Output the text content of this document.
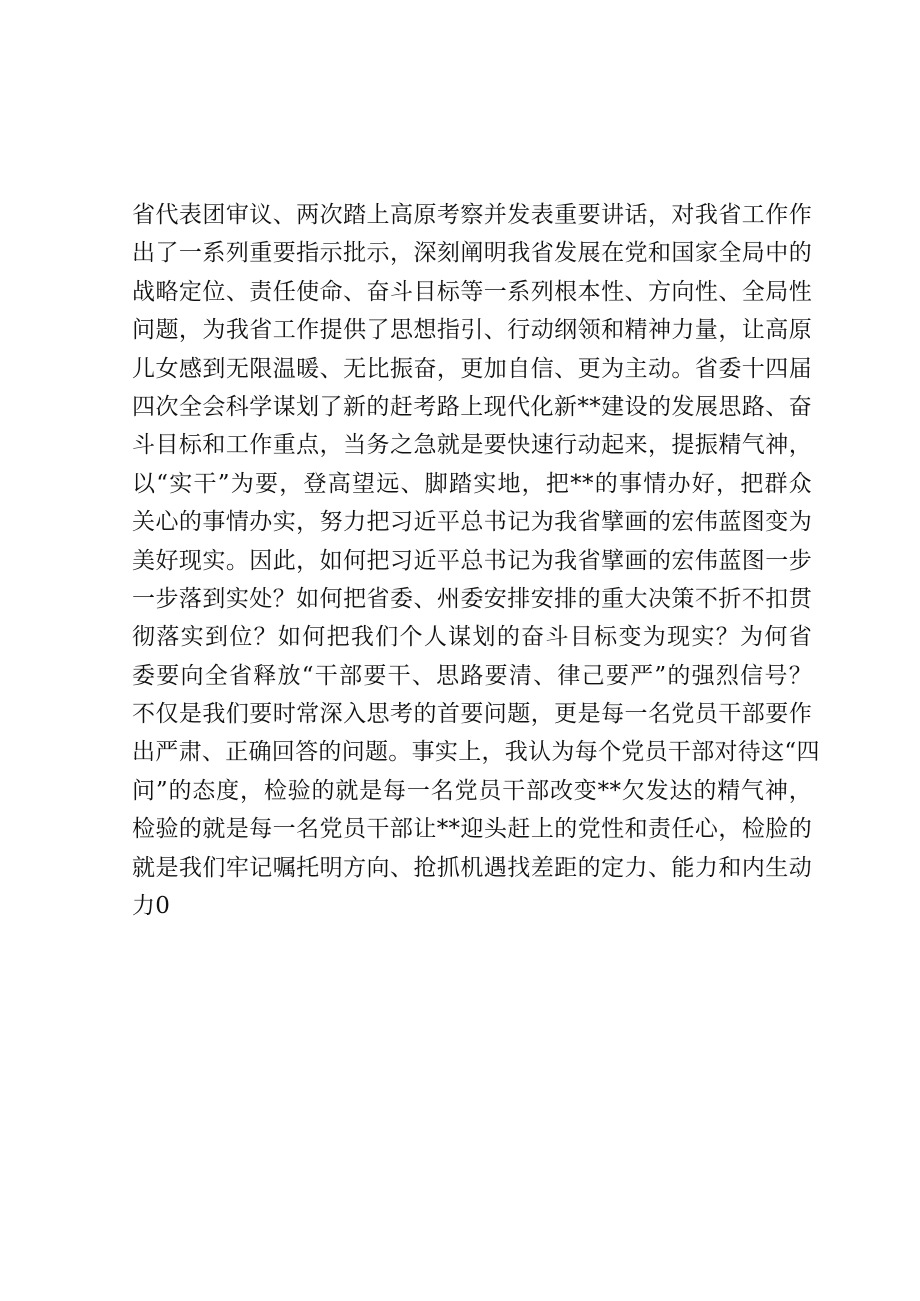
省代表团审议、两次踏上高原考察并发表重要讲话，对我省工作作
出了一系列重要指示批示，深刻阐明我省发展在党和国家全局中的
战略定位、责任使命、奋斗目标等一系列根本性、方向性、全局性
问题，为我省工作提供了思想指引、行动纲领和精神力量，让高原
儿女感到无限温暖、无比振奋，更加自信、更为主动。省委十四届
四次全会科学谋划了新的赶考路上现代化新**建设的发展思路、奋
斗目标和工作重点，当务之急就是要快速行动起来，提振精气神，
以“实干”为要，登高望远、脚踏实地，把**的事情办好，把群众
关心的事情办实，努力把习近平总书记为我省擘画的宏伟蓝图变为
美好现实。因此，如何把习近平总书记为我省擘画的宏伟蓝图一步
一步落到实处？如何把省委、州委安排安排的重大决策不折不扣贯
彻落实到位？如何把我们个人谋划的奋斗目标变为现实？为何省
委要向全省释放“干部要干、思路要清、律己要严”的强烈信号？
不仅是我们要时常深入思考的首要问题，更是每一名党员干部要作
出严肃、正确回答的问题。事实上，我认为每个党员干部对待这“四
问”的态度，检验的就是每一名党员干部改变**欠发达的精气神，
检验的就是每一名党员干部让**迎头赶上的党性和责任心，检脸的
就是我们牢记嘱托明方向、抢抓机遇找差距的定力、能力和内生动
力0
